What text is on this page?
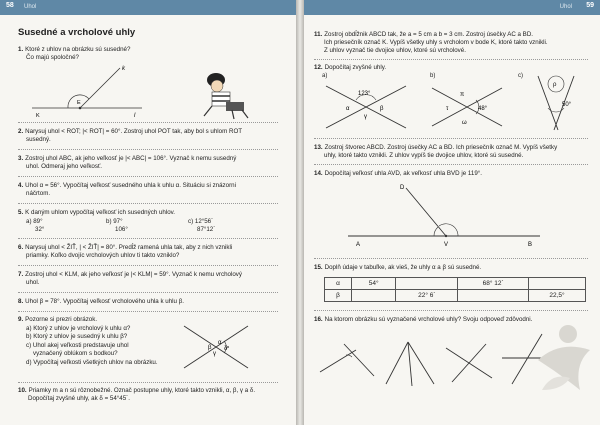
58 Uhol
Susedné a vrcholové uhly
1. Ktoré z uhlov na obrázku sú susedné?
Čo majú spoločné?
k
E
K	l
2. Narysuj uhol < ROT; |< ROT| = 60°. Zostroj uhol POT tak, aby bol s uhlom ROT
susedný.
3. Zostroj uhol ABC, ak jeho veľkosť je |< ABC| = 106°. Vyznač k nemu susedný
uhol. Odmeraj jeho veľkosť.
4. Uhol α = 56°. Vypočítaj veľkosť susedného uhla k uhlu α. Situáciu si znázorni
náčrtom.
5. K daným uhlom vypočítaj veľkosť ich susedných uhlov.
a) 89°
32°
b) 97°
106°
c) 12°56´
87°12´
6. Narysuj uhol < ŽIŤ, | < ŽIŤ| = 80°. Predĺž ramená uhla tak, aby z nich vznikli
priamky. Koľko dvojíc vrcholových uhlov ti takto vzniklo?
7. Zostroj uhol < KLM, ak jeho veľkosť je |< KLM| = 59°. Vyznač k nemu vrcholový
uhol.
8. Uhol β = 78°. Vypočítaj veľkosť vrcholového uhla k uhlu β.
9. Pozorne si prezri obrázok.
a) Ktorý z uhlov je vrcholový k uhlu α?
b) Ktorý z uhlov je susedný k uhlu β?
c) Uhol akej veľkosti predstavuje uhol
vyznačený oblúkom s bodkou?
d) Vypočítaj veľkosti všetkých uhlov na obrázku.
α
δ
γ
β
10. Priamky m a n sú rôznobežné. Označ postupne uhly, ktoré takto vznikli, α, β, γ a δ.
Dopočítaj zvyšné uhly, ak δ = 54°45´.
59
Uhol
11. Zostroj obdĺžnik ABCD tak, že a = 5 cm a b = 3 cm. Zostroj úsečky AC a BD.
Ich priesečník označ K. Vypíš všetky uhly s vrcholom v bode K, ktoré takto vznikli.
Z uhlov vyznač tie dvojice uhlov, ktoré sú vrcholové.
12. Dopočítaj zvyšné uhly.
a)	b)	c)
123°
α
γ
β
π
τ	48°
ω
ρ
50°
13. Zostroj štvorec ABCD. Zostroj úsečky AC a BD. Ich priesečník označ M. Vypíš všetky
uhly, ktoré takto vznikli. Z uhlov vypíš tie dvojice uhlov, ktoré sú susedné.
14. Dopočítaj veľkosť uhla AVD, ak veľkosť uhla BVD je 119°.
D
A	V	B
15. Doplň údaje v tabuľke, ak vieš, že uhly α a β sú susedné.
α	54°		68° 12´	
β		22° 6´		22,5°
16. Na ktorom obrázku sú vyznačené vrcholové uhly? Svoju odpoveď zdôvodni.
